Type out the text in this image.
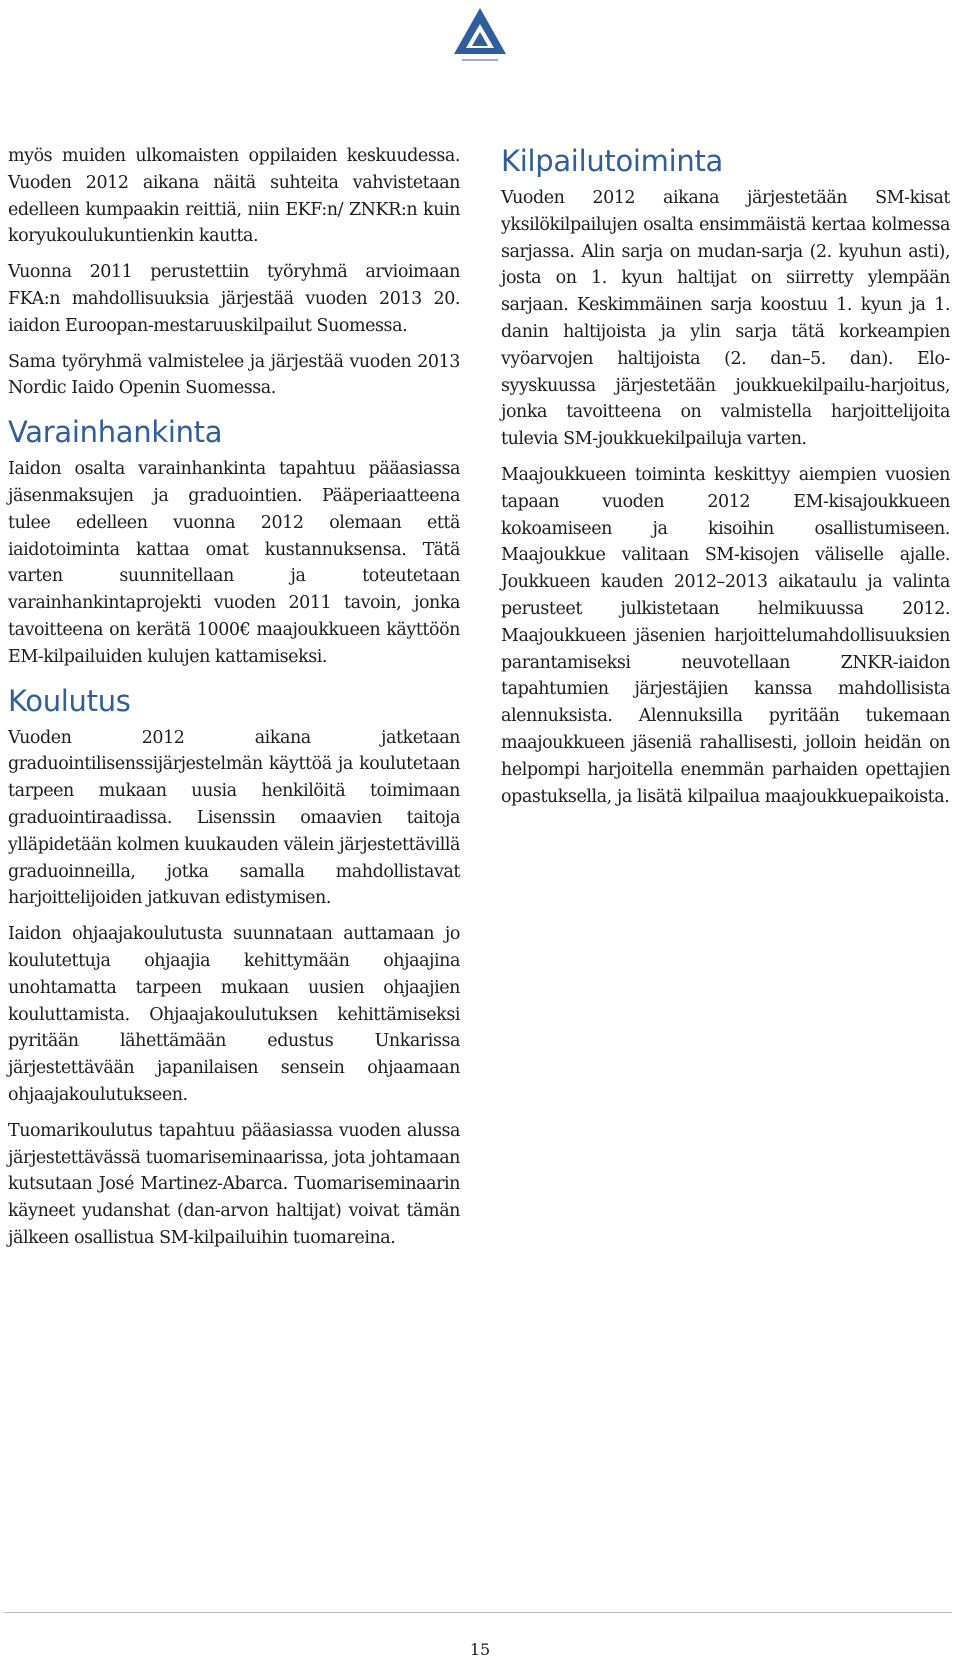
myös muiden ulkomaisten oppilaiden keskuudessa. Vuoden 2012 aikana näitä suhteita vahvistetaan edelleen kumpaakin reittiä, niin EKF:n/ ZNKR:n kuin koryukoulukuntienkin kautta.

Vuonna 2011 perustettiin työryhmä arvioimaan FKA:n mahdollisuuksia järjestää vuoden 2013 20. iaidon Euroopan-mestaruuskilpailut Suomessa.

Sama työryhmä valmistelee ja järjestää vuoden 2013 Nordic Iaido Openin Suomessa.

Varainhankinta

Iaidon osalta varainhankinta tapahtuu pääasiassa jäsenmaksujen ja graduointien. Pääperiaatteena tulee edelleen vuonna 2012 olemaan että iaidotoiminta kattaa omat kustannuksensa. Tätä varten suunnitellaan ja toteutetaan varainhankintaprojekti vuoden 2011 tavoin, jonka tavoitteena on kerätä 1000€ maajoukkueen käyttöön EM-kilpailuiden kulujen kattamiseksi.

Koulutus

Vuoden 2012 aikana jatketaan graduointilisenssijärjestelmän käyttöä ja koulutetaan tarpeen mukaan uusia henkilöitä toimimaan graduointiraadissa. Lisenssin omaavien taitoja ylläpidetään kolmen kuukauden välein järjestettävillä graduoinneilla, jotka samalla mahdollistavat harjoittelijoiden jatkuvan edistymisen.

Iaidon ohjaajakoulutusta suunnataan auttamaan jo koulutettuja ohjaajia kehittymään ohjaajina unohtamatta tarpeen mukaan uusien ohjaajien kouluttamista. Ohjaajakoulutuksen kehittämiseksi pyritään lähettämään edustus Unkarissa järjestettävään japanilaisen sensein ohjaamaan ohjaajakoulutukseen.

Tuomarikoulutus tapahtuu pääasiassa vuoden alussa järjestettävässä tuomariseminaarissa, jota johtamaan kutsutaan José Martinez-Abarca. Tuomariseminaarin käyneet yudanshat (dan-arvon haltijat) voivat tämän jälkeen osallistua SM-kilpailuihin tuomareina.

Kilpailutoiminta

Vuoden 2012 aikana järjestetään SM-kisat yksilökilpailujen osalta ensimmäistä kertaa kolmessa sarjassa. Alin sarja on mudan-sarja (2. kyuhun asti), josta on 1. kyun haltijat on siirretty ylempään sarjaan. Keskimmäinen sarja koostuu 1. kyun ja 1. danin haltijoista ja ylin sarja tätä korkeampien vyöarvojen haltijoista (2. dan–5. dan). Elo-syyskuussa järjestetään joukkuekilpailu-harjoitus, jonka tavoitteena on valmistella harjoittelijoita tulevia SM-joukkuekilpailuja varten.

Maajoukkueen toiminta keskittyy aiempien vuosien tapaan vuoden 2012 EM-kisajoukkueen kokoamiseen ja kisoihin osallistumiseen. Maajoukkue valitaan SM-kisojen väliselle ajalle. Joukkueen kauden 2012–2013 aikataulu ja valinta perusteet julkistetaan helmikuussa 2012. Maajoukkueen jäsenien harjoittelumahdollisuuksien parantamiseksi neuvotellaan ZNKR-iaidon tapahtumien järjestäjien kanssa mahdollisista alennuksista. Alennuksilla pyritään tukemaan maajoukkueen jäseniä rahallisesti, jolloin heidän on helpompi harjoitella enemmän parhaiden opettajien opastuksella, ja lisätä kilpailua maajoukkuepaikoista.

15
